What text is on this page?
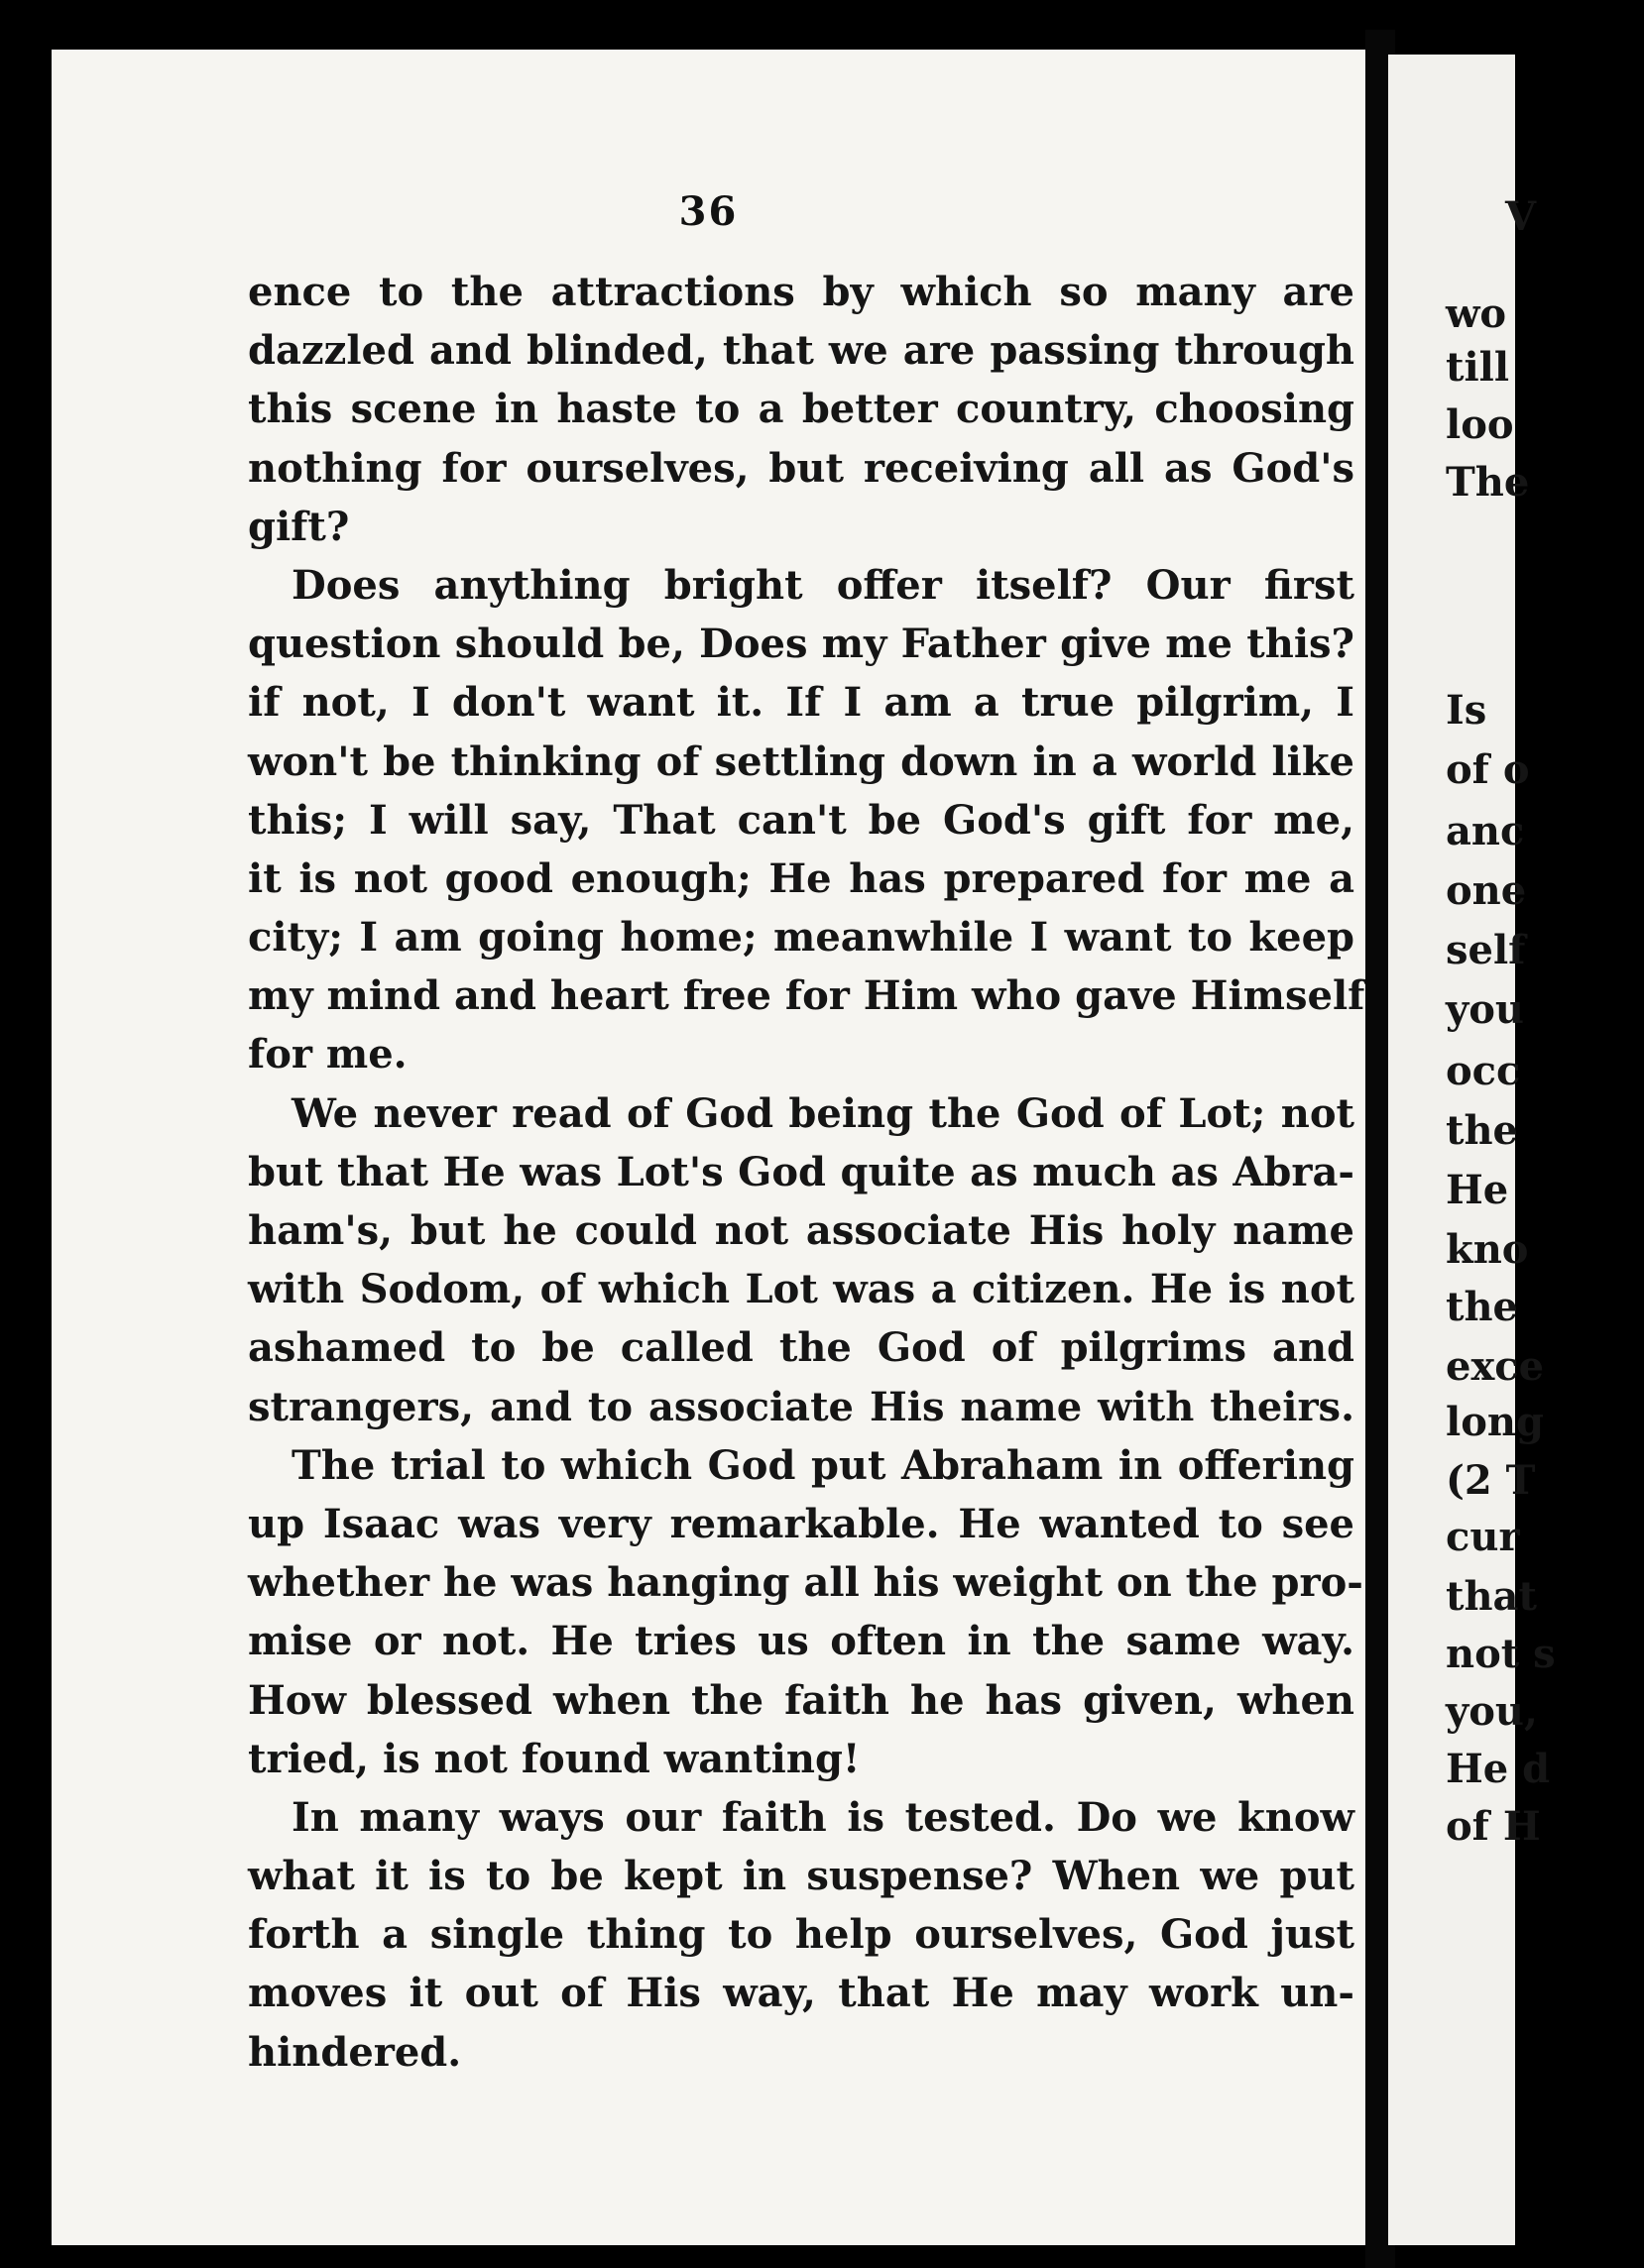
36
ence to the attractions by which so many are
dazzled and blinded, that we are passing through
this scene in haste to a better country, choosing
nothing for ourselves, but receiving all as God's
gift?
Does anything bright offer itself? Our first
question should be, Does my Father give me this?
if not, I don't want it. If I am a true pilgrim, I
won't be thinking of settling down in a world like
this; I will say, That can't be God's gift for me,
it is not good enough; He has prepared for me a
city; I am going home; meanwhile I want to keep
my mind and heart free for Him who gave Himself
for me.
We never read of God being the God of Lot; not
but that He was Lot's God quite as much as Abra-
ham's, but he could not associate His holy name
with Sodom, of which Lot was a citizen. He is not
ashamed to be called the God of pilgrims and
strangers, and to associate His name with theirs.
The trial to which God put Abraham in offering
up Isaac was very remarkable. He wanted to see
whether he was hanging all his weight on the pro-
mise or not. He tries us often in the same way.
How blessed when the faith he has given, when
tried, is not found wanting!
In many ways our faith is tested. Do we know
what it is to be kept in suspense? When we put
forth a single thing to help ourselves, God just
moves it out of His way, that He may work un-
hindered.
V
wo
till
loo
The
Is
of o
anc
one
self
you
occ
the
He
kno
the
exce
long
(2 T
cur
that
not s
you,
He d
of H
